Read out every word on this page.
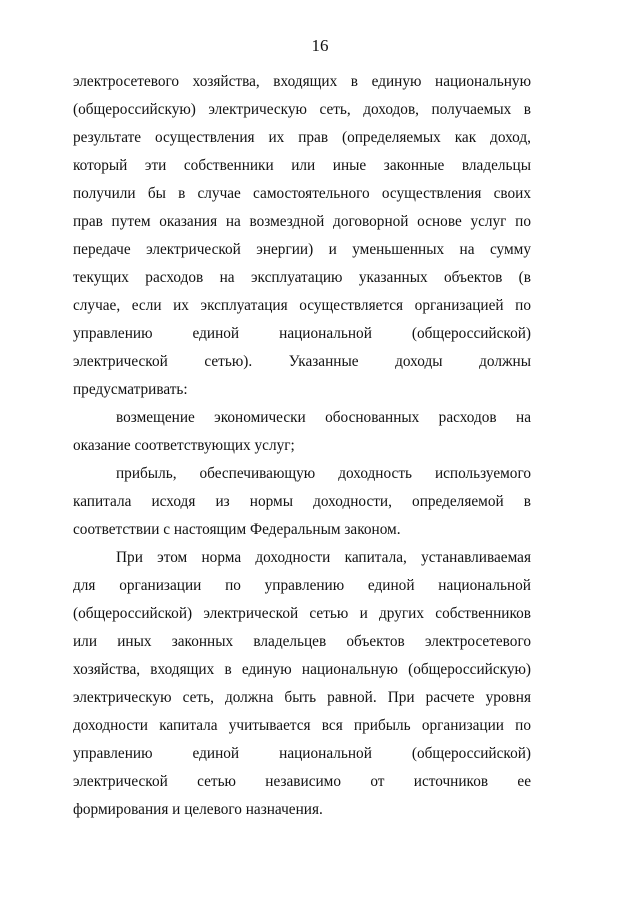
16
электросетевого хозяйства, входящих в единую национальную
(общероссийскую) электрическую сеть, доходов, получаемых в
результате осуществления их прав (определяемых как доход,
который эти собственники или иные законные владельцы
получили бы в случае самостоятельного осуществления своих
прав путем оказания на возмездной договорной основе услуг по
передаче электрической энергии) и уменьшенных на сумму
текущих расходов на эксплуатацию указанных объектов (в
случае, если их эксплуатация осуществляется организацией по
управлению единой национальной (общероссийской)
электрической сетью). Указанные доходы должны
предусматривать:
возмещение экономически обоснованных расходов на
оказание соответствующих услуг;
прибыль, обеспечивающую доходность используемого
капитала исходя из нормы доходности, определяемой в
соответствии с настоящим Федеральным законом.
При этом норма доходности капитала, устанавливаемая
для организации по управлению единой национальной
(общероссийской) электрической сетью и других собственников
или иных законных владельцев объектов электросетевого
хозяйства, входящих в единую национальную (общероссийскую)
электрическую сеть, должна быть равной. При расчете уровня
доходности капитала учитывается вся прибыль организации по
управлению единой национальной (общероссийской)
электрической сетью независимо от источников ее
формирования и целевого назначения.
